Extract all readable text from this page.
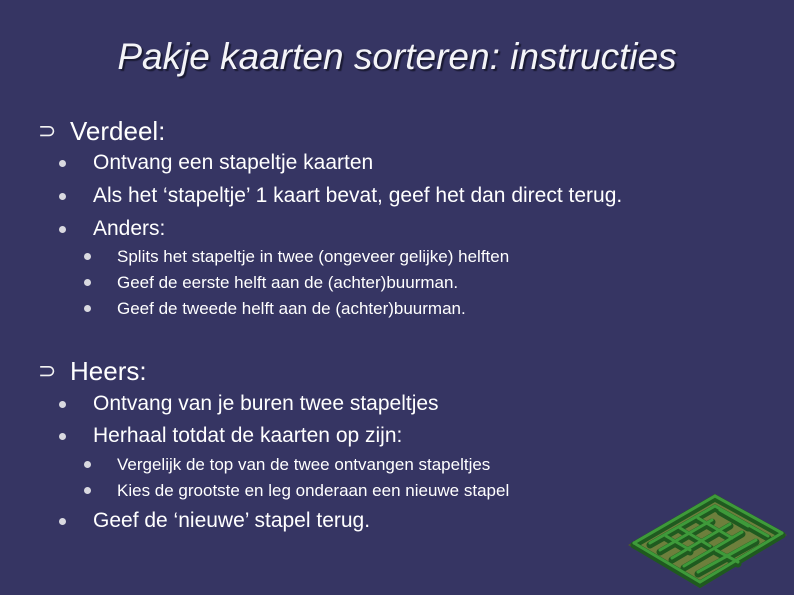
Pakje kaarten sorteren: instructies
⊃ Verdeel:
Ontvang een stapeltje kaarten
Als het ‘stapeltje’ 1 kaart bevat, geef het dan direct terug.
Anders:
Splits het stapeltje in twee (ongeveer gelijke) helften
Geef de eerste helft aan de (achter)buurman.
Geef de tweede helft aan de (achter)buurman.
⊃ Heers:
Ontvang van je buren twee stapeltjes
Herhaal totdat de kaarten op zijn:
Vergelijk de top van de twee ontvangen stapeltjes
Kies de grootste en leg onderaan een nieuwe stapel
Geef de ‘nieuwe’ stapel terug.
